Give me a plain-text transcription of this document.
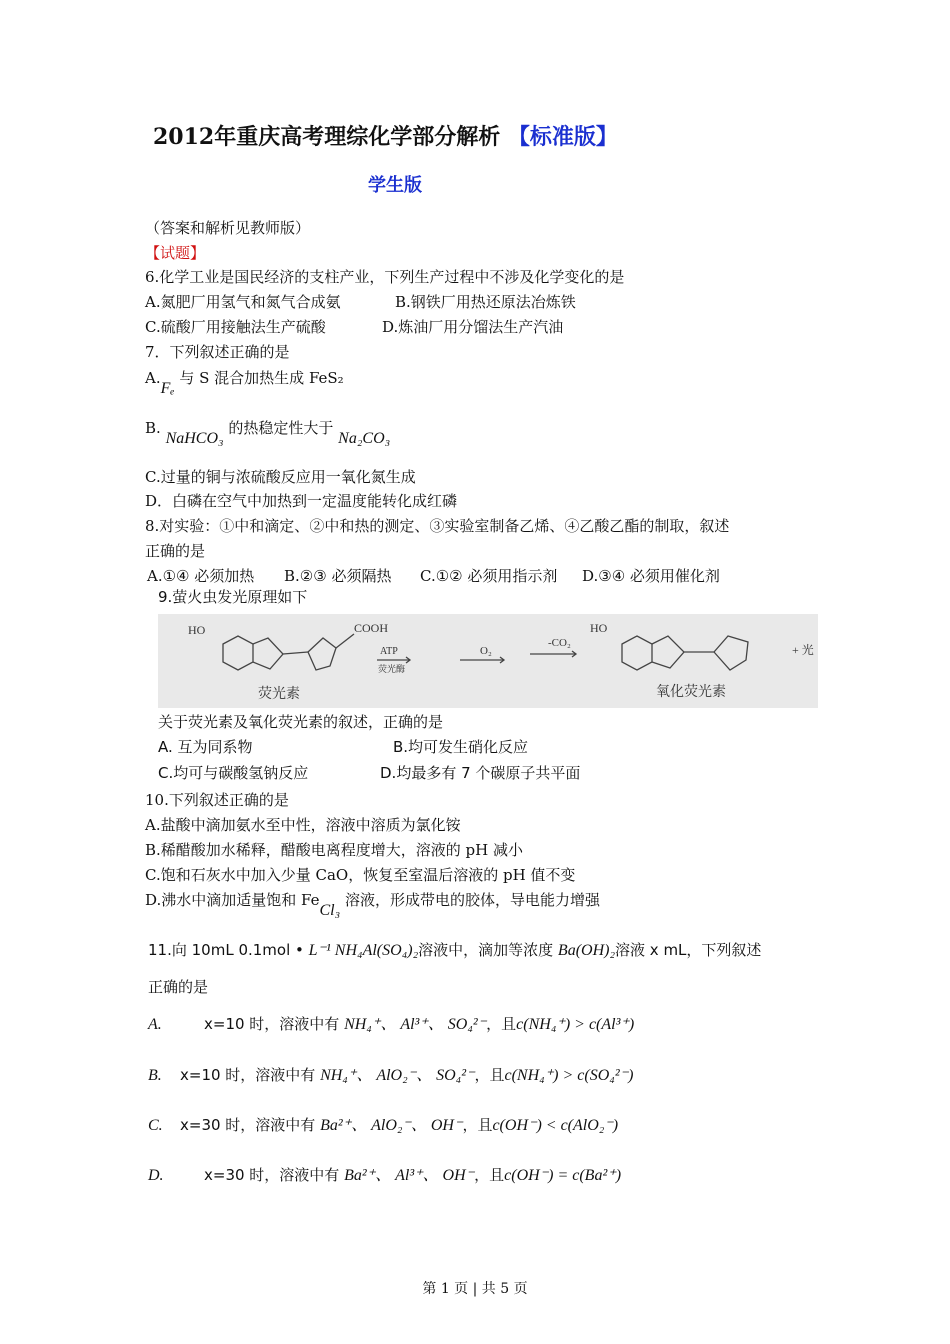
2012年重庆高考理综化学部分解析 【标准版】
学生版
（答案和解析见教师版）
【试题】
6.化学工业是国民经济的支柱产业，下列生产过程中不涉及化学变化的是
A.氮肥厂用氢气和氮气合成氨	B.钢铁厂用热还原法冶炼铁
C.硫酸厂用接触法生产硫酸	D.炼油厂用分馏法生产汽油
7．下列叙述正确的是
A.Fₑ 与 S 混合加热生成 FeS₂
B. NaHCO₃ 的热稳定性大于 Na₂CO₃
C.过量的铜与浓硫酸反应用一氧化氮生成
D．白磷在空气中加热到一定温度能转化成红磷
8.对实验：①中和滴定、②中和热的测定、③实验室制备乙烯、④乙酸乙酯的制取，叙述
正确的是
A.①④ 必须加热 B.②③ 必须隔热 C.①② 必须用指示剂 D.③④ 必须用催化剂
9.萤火虫发光原理如下
HO	COOH
ATP
荧光酶
O₂
-CO₂
HO
+ 光
荧光素	氧化荧光素
关于荧光素及氧化荧光素的叙述，正确的是
A. 互为同系物	B.均可发生硝化反应
C.均可与碳酸氢钠反应	D.均最多有 7 个碳原子共平面
10.下列叙述正确的是
A.盐酸中滴加氨水至中性，溶液中溶质为氯化铵
B.稀醋酸加水稀释，醋酸电离程度增大，溶液的 pH 减小
C.饱和石灰水中加入少量 CaO，恢复至室温后溶液的 pH 值不变
D.沸水中滴加适量饱和 FeCl₃ 溶液，形成带电的胶体，导电能力增强
11.向 10mL 0.1mol • L⁻¹ NH₄Al(SO₄)₂溶液中，滴加等浓度 Ba(OH)₂溶液 x mL，下列叙述
正确的是
A.	x=10 时，溶液中有 NH₄⁺、 Al³⁺、 SO₄²⁻，且c(NH₄⁺) > c(Al³⁺)
B. x=10 时，溶液中有 NH₄⁺、 AlO₂⁻、 SO₄²⁻，且c(NH₄⁺) > c(SO₄²⁻)
C. x=30 时，溶液中有 Ba²⁺、 AlO₂⁻、 OH⁻，且c(OH⁻) < c(AlO₂⁻)
D.	x=30 时，溶液中有 Ba²⁺、 Al³⁺、 OH⁻，且c(OH⁻) = c(Ba²⁺)
第 1 页 | 共 5 页
